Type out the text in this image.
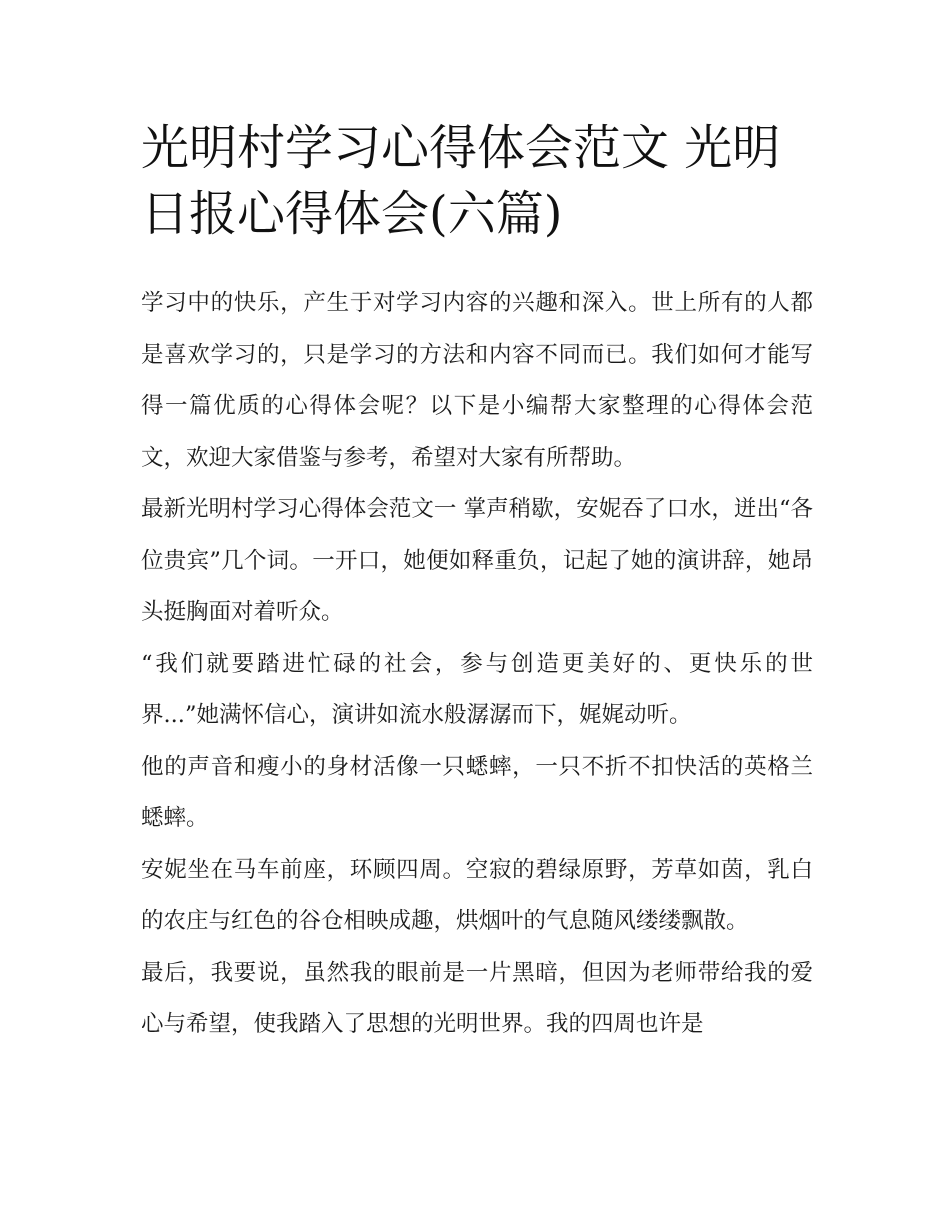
光明村学习心得体会范文 光明日报心得体会(六篇)

学习中的快乐，产生于对学习内容的兴趣和深入。世上所有的人都是喜欢学习的，只是学习的方法和内容不同而已。我们如何才能写得一篇优质的心得体会呢？以下是小编帮大家整理的心得体会范文，欢迎大家借鉴与参考，希望对大家有所帮助。

最新光明村学习心得体会范文一 掌声稍歇，安妮吞了口水，迸出“各位贵宾”几个词。一开口，她便如释重负，记起了她的演讲辞，她昂头挺胸面对着听众。

“我们就要踏进忙碌的社会，参与创造更美好的、更快乐的世界...”她满怀信心，演讲如流水般潺潺而下，娓娓动听。

他的声音和瘦小的身材活像一只蟋蟀，一只不折不扣快活的英格兰蟋蟀。

安妮坐在马车前座，环顾四周。空寂的碧绿原野，芳草如茵，乳白的农庄与红色的谷仓相映成趣，烘烟叶的气息随风缕缕飘散。

最后，我要说，虽然我的眼前是一片黑暗，但因为老师带给我的爱心与希望，使我踏入了思想的光明世界。我的四周也许是
